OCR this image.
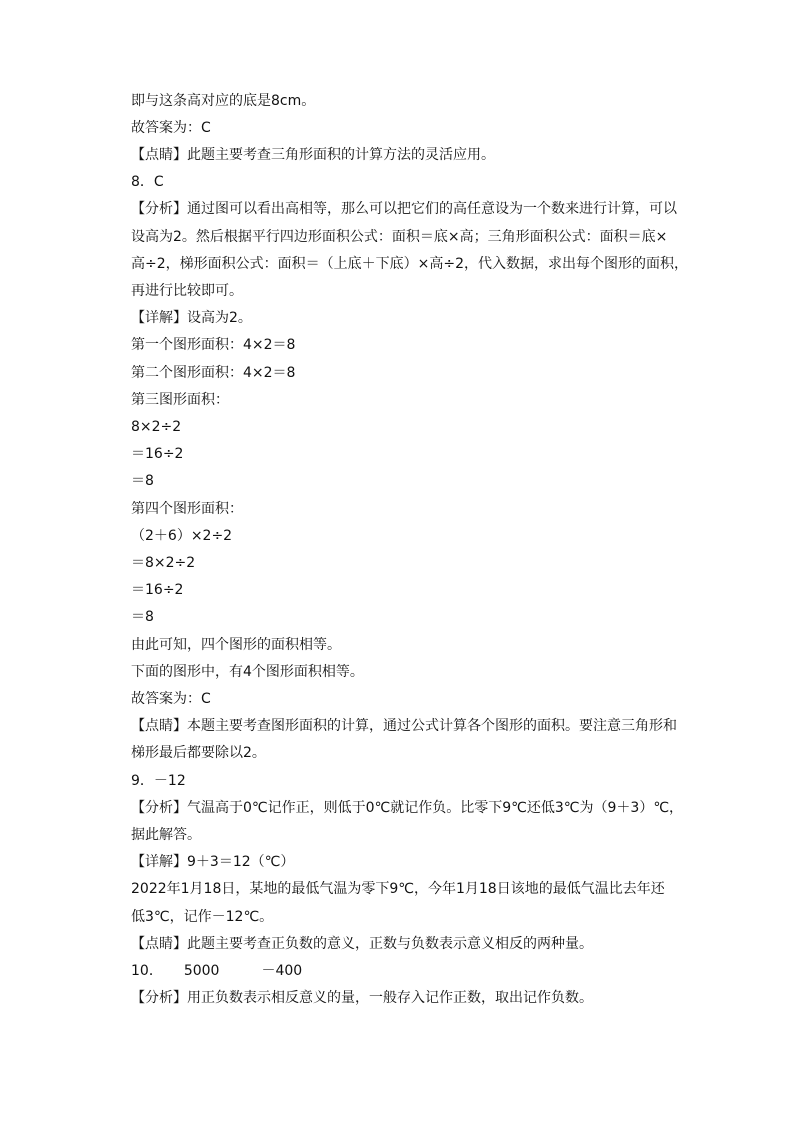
即与这条高对应的底是8cm。
故答案为：C
【点睛】此题主要考查三角形面积的计算方法的灵活应用。
8．C
【分析】通过图可以看出高相等，那么可以把它们的高任意设为一个数来进行计算，可以
设高为2。然后根据平行四边形面积公式：面积＝底×高；三角形面积公式：面积＝底×
高÷2，梯形面积公式：面积＝（上底＋下底）×高÷2，代入数据，求出每个图形的面积，
再进行比较即可。
【详解】设高为2。
第一个图形面积：4×2＝8
第二个图形面积：4×2＝8
第三图形面积：
8×2÷2
＝16÷2
＝8
第四个图形面积：
（2＋6）×2÷2
＝8×2÷2
＝16÷2
＝8
由此可知，四个图形的面积相等。
下面的图形中，有4个图形面积相等。
故答案为：C
【点睛】本题主要考查图形面积的计算，通过公式计算各个图形的面积。要注意三角形和
梯形最后都要除以2。
9．－12
【分析】气温高于0℃记作正，则低于0℃就记作负。比零下9℃还低3℃为（9＋3）℃，
据此解答。
【详解】9＋3＝12（℃）
2022年1月18日，某地的最低气温为零下9℃，今年1月18日该地的最低气温比去年还
低3℃，记作－12℃。
【点睛】此题主要考查正负数的意义，正数与负数表示意义相反的两种量。
10．　　5000　　　－400
【分析】用正负数表示相反意义的量，一般存入记作正数，取出记作负数。
